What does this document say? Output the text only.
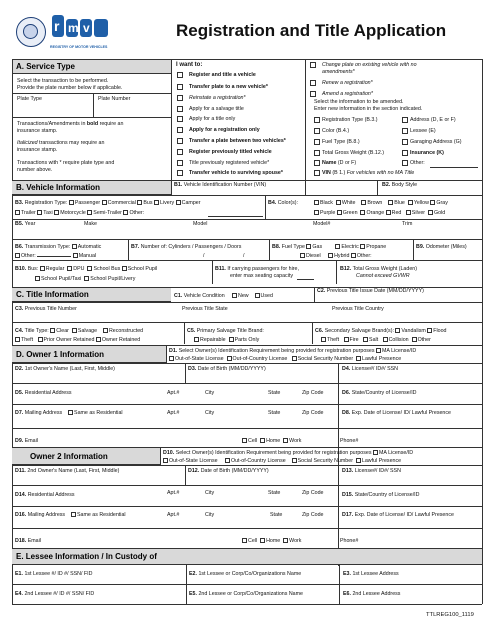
r m v
REGISTRY OF MOTOR VEHICLES
Registration and Title Application
A. Service Type
Select the transaction to be performed.
Provide the plate number below if applicable.
Plate Type	Plate Number
Transactions/Amendments in bold require an
insurance stamp.
Italicized transactions may require an
insurance stamp.
Transactions with * require plate type and
number above.
I want to:
Register and title a vehicle
Transfer plate to a new vehicle*
Reinstate a registration*
Apply for a salvage title
Apply for a title only
Apply for a registration only
Transfer a plate between two vehicles*
Register previously titled vehicle
Title previously registered vehicle*
Transfer vehicle to surviving spouse*
Change plate on existing vehicle with no
amendments*
Renew a registration*
Amend a registration*
Select the information to be amended.
Enter new information in the section indicated.
Registration Type (B.3.)	Address (D, E or F)
Color (B.4.)	Lessee (E)
Fuel Type (B.8.)	Garaging Address (G)
Total Gross Weight (B.12.)	Insurance (K)
Name (D or F)	Other:
VIN (B 1.) For vehicles with no MA Title
B. Vehicle Information	B1. Vehicle Identification Number (VIN)	B2. Body Style
B3. Registration Type: Passenger Commercial Bus Livery Camper
Trailer Taxi Motorcycle Semi-Trailer Other:
B4. Color(s):	Black White Brown Blue Yellow Gray
Purple Green Orange Red Silver Gold
B5. Year	Make	Model	Model#	Trim
B6. Transmission Type: Automatic
Other:	Manual
B7. Number of: Cylinders / Passengers / Doors
/	/
B8. Fuel Type Gas	Electric Propane
Diesel	Hybrid Other:
B9. Odometer (Miles)
B10. Bus: Regular DPU School Bus School Pupil
School Pupil/Taxi School Pupil/Livery
B11. If carrying passengers for hire,
enter max seating capacity
B12. Total Gross Weight (Laden)
Cannot exceed GVWR
C. Title Information	C1. Vehicle Condition	New Used
C2. Previous Title Issue Date (MM/DD/YYYY)
C3. Previous Title Number	Previous Title State	Previous Title Country
C4. Title Type: Clear Salvage Reconstructed
Theft Prior Owner Retained Owner Retained
C5. Primary Salvage Title Brand:
Repairable Parts Only
C6. Secondary Salvage Brand(s): Vandalism Flood
Theft Fire Salt Collision Other
D. Owner 1 Information	D1. Select Owner(s) Identification Requirement being provided for registration purposes MA License/ID
Out-of-State License Out-of-Country License Social Security Number Lawful Presence
D2. 1st Owner's Name (Last, First, Middle)	D3. Date of Birth (MM/DD/YYYY)	D4. License#/ ID#/ SSN
D5. Residential Address	Apt.#	City	State	Zip Code	D6. State/Country of License/ID
D7. Mailing Address Same as Residential	Apt.#	City	State	Zip Code	D8. Exp. Date of License/ ID/ Lawful Presence
D9. Email	Cell Home Work	Phone#
Owner 2 Information	D10. Select Owner(s) Identification Requirement being provided for registration purposes MA License/ID
Out-of-State License	Out-of-Country License Social Security Number Lawful Presence
D11. 2nd Owner's Name (Last, First, Middle)	D12. Date of Birth (MM/DD/YYYY)	D13. License#/ ID#/ SSN
D14. Residential Address	Apt.#	City	State	Zip Code	D15. State/Country of License/ID
D16. Mailing Address Same as Residential	Apt.#	City	State	Zip Code	D17. Exp. Date of License/ ID/ Lawful Presence
D18. Email	Cell Home Work	Phone#
E. Lessee Information / In Custody of
E1. 1st Lessee #/ ID #/ SSN/ FID	E2. 1st Lessee or Corp/Co/Organizations Name	E3. 1st Lessee Address
E4. 2nd Lessee #/ ID #/ SSN/ FID	E5. 2nd Lessee or Corp/Co/Organizations Name	E6. 2nd Lessee Address
TTLREG100_1119
